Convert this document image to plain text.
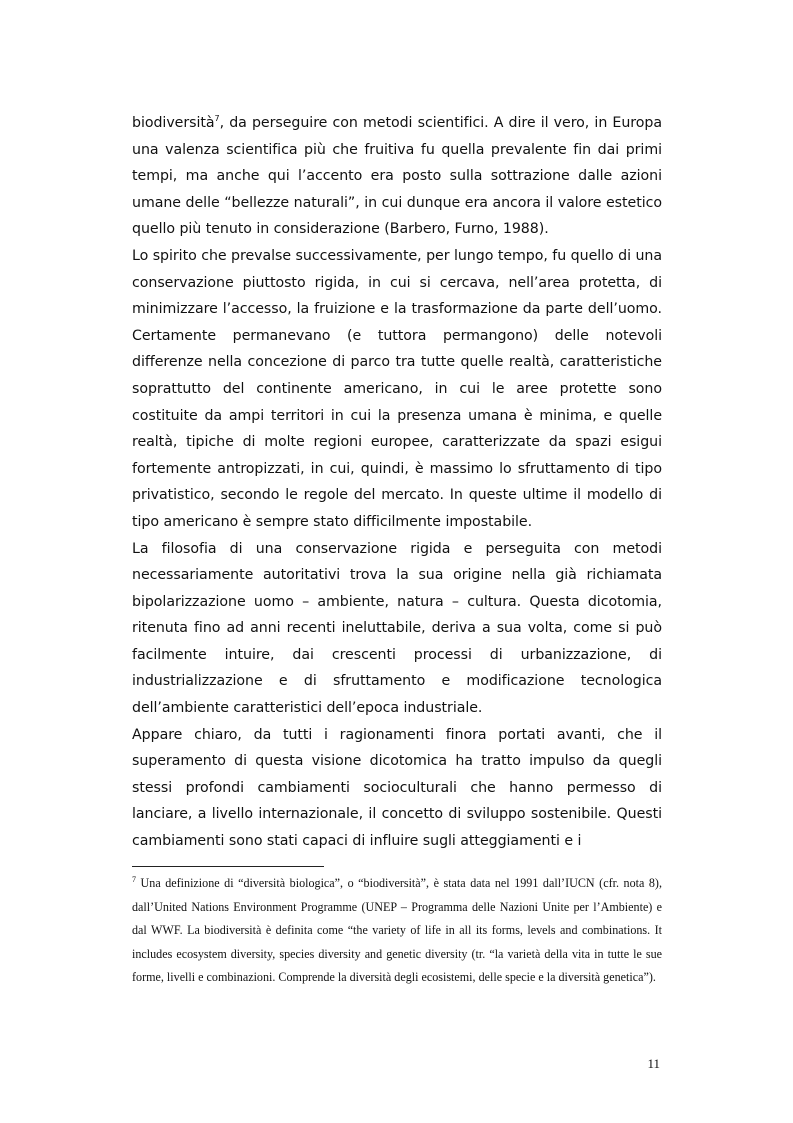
biodiversità$^7$, da perseguire con metodi scientifici. A dire il vero, in Europa una valenza scientifica più che fruitiva fu quella prevalente fin dai primi tempi, ma anche qui l’accento era posto sulla sottrazione dalle azioni umane delle “bellezze naturali”, in cui dunque era ancora il valore estetico quello più tenuto in considerazione (Barbero, Furno, 1988).

Lo spirito che prevalse successivamente, per lungo tempo, fu quello di una conservazione piuttosto rigida, in cui si cercava, nell’area protetta, di minimizzare l’accesso, la fruizione e la trasformazione da parte dell’uomo. Certamente permanevano (e tuttora permangono) delle notevoli differenze nella concezione di parco tra tutte quelle realtà, caratteristiche soprattutto del continente americano, in cui le aree protette sono costituite da ampi territori in cui la presenza umana è minima, e quelle realtà, tipiche di molte regioni europee, caratterizzate da spazi esigui fortemente antropizzati, in cui, quindi, è massimo lo sfruttamento di tipo privatistico, secondo le regole del mercato. In queste ultime il modello di tipo americano è sempre stato difficilmente impostabile.

La filosofia di una conservazione rigida e perseguita con metodi necessariamente autoritativi trova la sua origine nella già richiamata bipolarizzazione uomo – ambiente, natura – cultura. Questa dicotomia, ritenuta fino ad anni recenti ineluttabile, deriva a sua volta, come si può facilmente intuire, dai crescenti processi di urbanizzazione, di industrializzazione e di sfruttamento e modificazione tecnologica dell’ambiente caratteristici dell’epoca industriale.

Appare chiaro, da tutti i ragionamenti finora portati avanti, che il superamento di questa visione dicotomica ha tratto impulso da quegli stessi profondi cambiamenti socioculturali che hanno permesso di lanciare, a livello internazionale, il concetto di sviluppo sostenibile. Questi cambiamenti sono stati capaci di influire sugli atteggiamenti e i

$^7$ Una definizione di “diversità biologica”, o “biodiversità”, è stata data nel 1991 dall’IUCN (cfr. nota 8), dall’United Nations Environment Programme (UNEP – Programma delle Nazioni Unite per l’Ambiente) e dal WWF. La biodiversità è definita come “the variety of life in all its forms, levels and combinations. It includes ecosystem diversity, species diversity and genetic diversity (tr. “la varietà della vita in tutte le sue forme, livelli e combinazioni. Comprende la diversità degli ecosistemi, delle specie e la diversità genetica”).
11
